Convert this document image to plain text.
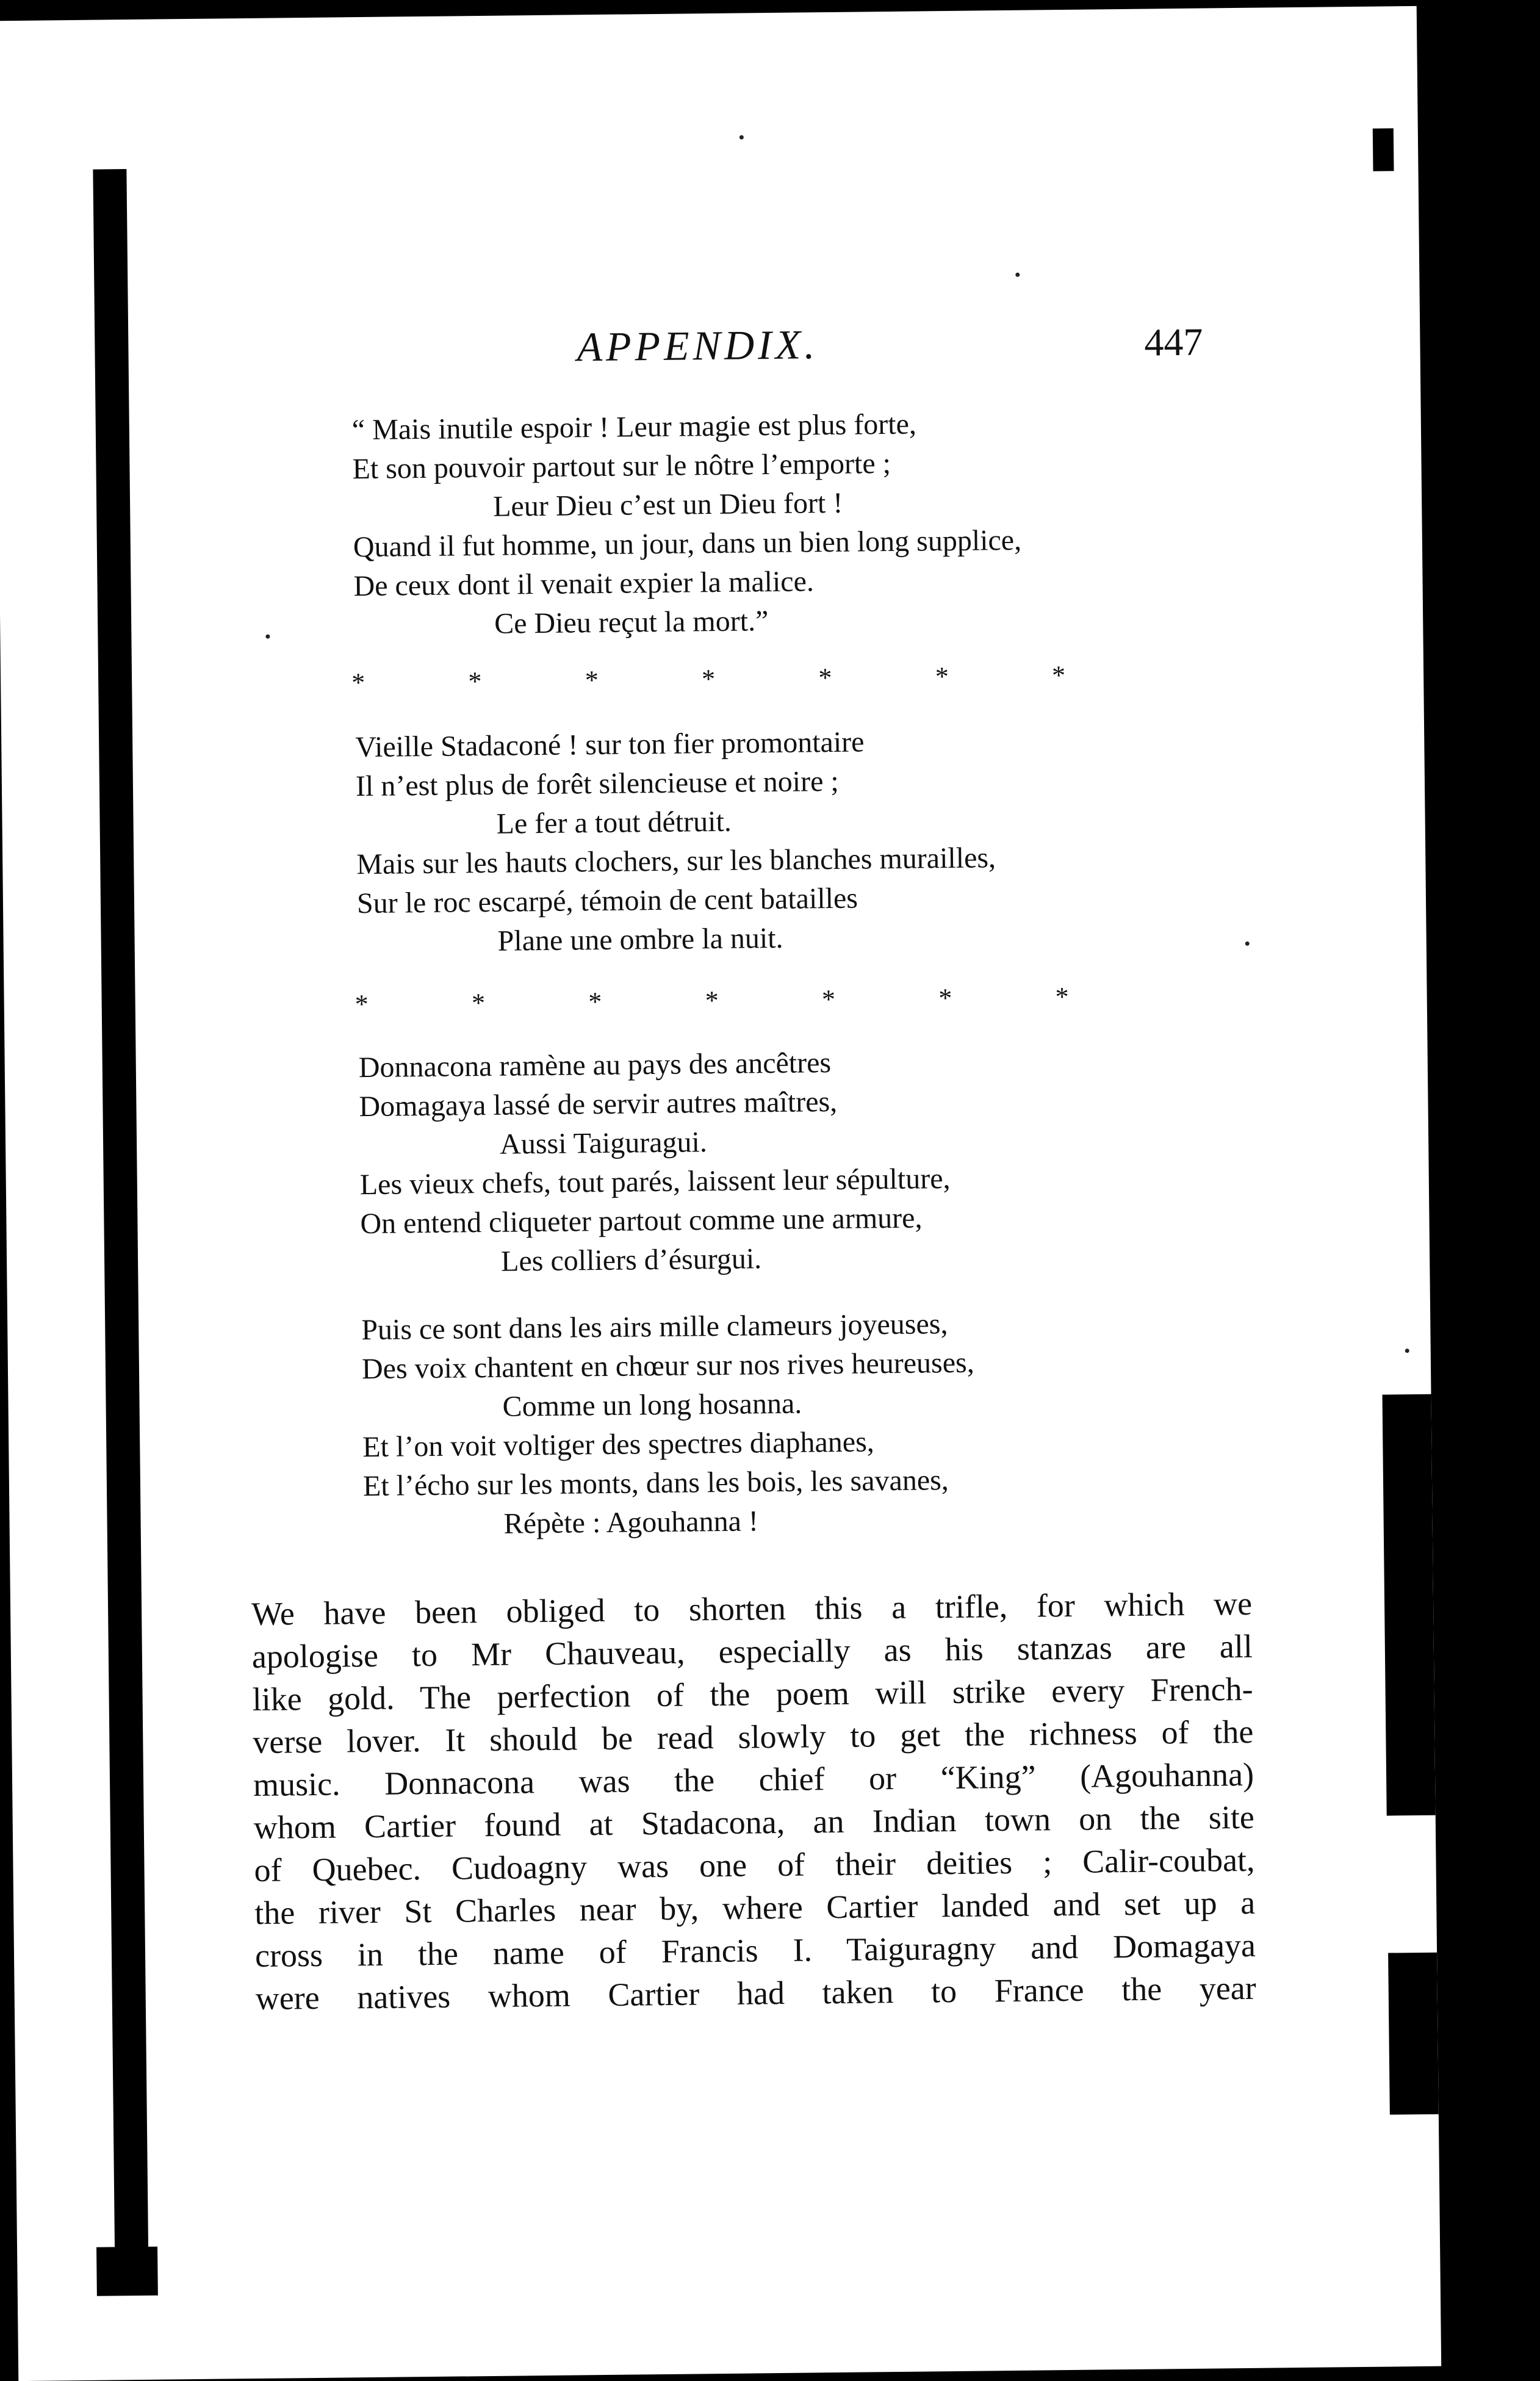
APPENDIX.	447
“ Mais inutile espoir ! Leur magie est plus forte,
Et son pouvoir partout sur le nôtre l’emporte ;
Leur Dieu c’est un Dieu fort !
Quand il fut homme, un jour, dans un bien long supplice,
De ceux dont il venait expier la malice.
Ce Dieu reçut la mort.”
*	*	*	*	*	*	*
Vieille Stadaconé ! sur ton fier promontaire
Il n’est plus de forêt silencieuse et noire ;
Le fer a tout détruit.
Mais sur les hauts clochers, sur les blanches murailles,
Sur le roc escarpé, témoin de cent batailles
Plane une ombre la nuit.
*	*	*	*	*	*	*
Donnacona ramène au pays des ancêtres
Domagaya lassé de servir autres maîtres,
Aussi Taiguragui.
Les vieux chefs, tout parés, laissent leur sépulture,
On entend cliqueter partout comme une armure,
Les colliers d’ésurgui.
Puis ce sont dans les airs mille clameurs joyeuses,
Des voix chantent en chœur sur nos rives heureuses,
Comme un long hosanna.
Et l’on voit voltiger des spectres diaphanes,
Et l’écho sur les monts, dans les bois, les savanes,
Répète : Agouhanna !
We have been obliged to shorten this a trifle, for which we
apologise to Mr Chauveau, especially as his stanzas are all
like gold. The perfection of the poem will strike every French-
verse lover. It should be read slowly to get the richness of the
music. Donnacona was the chief or “King” (Agouhanna)
whom Cartier found at Stadacona, an Indian town on the site
of Quebec. Cudoagny was one of their deities ; Calir-coubat,
the river St Charles near by, where Cartier landed and set up a
cross in the name of Francis I. Taiguragny and Domagaya
were natives whom Cartier had taken to France the year
